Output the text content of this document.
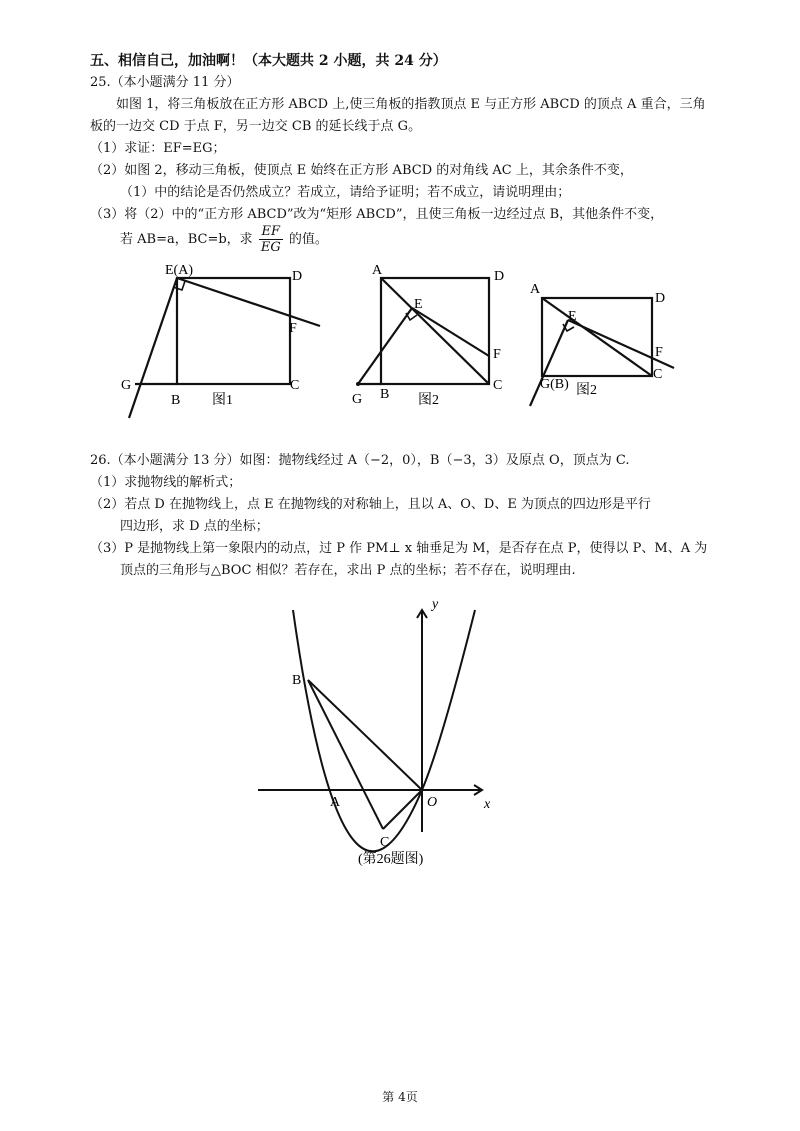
五、相信自己，加油啊！（本大题共 2 小题，共 24 分）
25.（本小题满分 11 分）
如图 1，将三角板放在正方形 ABCD 上,使三角板的指教顶点 E 与正方形 ABCD 的顶点 A 重合，三角
板的一边交 CD 于点 F，另一边交 CB 的延长线于点 G。
（1）求证：EF=EG；
（2）如图 2，移动三角板，使顶点 E 始终在正方形 ABCD 的对角线 AC 上，其余条件不变，
（1）中的结论是否仍然成立？若成立，请给予证明；若不成立，请说明理由；
（3）将（2）中的“正方形 ABCD”改为“矩形 ABCD”，且使三角板一边经过点 B，其他条件不变，
若 AB=a，BC=b，求 $\frac{EF}{EG}$ 的值。
E(A)	D
F
G
B
C
图1
A	D
E
F
G B
C
图2
A
D
E
F
G(B)
C
图2
26.（本小题满分 13 分）如图：抛物线经过 A（−2，0），B（−3，3）及原点 O，顶点为 C.
（1）求抛物线的解析式；
（2）若点 D 在抛物线上，点 E 在抛物线的对称轴上，且以 A、O、D、E 为顶点的四边形是平行
四边形，求 D 点的坐标；
（3）P 是抛物线上第一象限内的动点，过 P 作 PM⊥ x 轴垂足为 M，是否存在点 P，使得以 P、M、A 为
顶点的三角形与△BOC 相似？若存在，求出 P 点的坐标；若不存在，说明理由.
y
x
O
A
B
C
(第26题图)
第 4页
